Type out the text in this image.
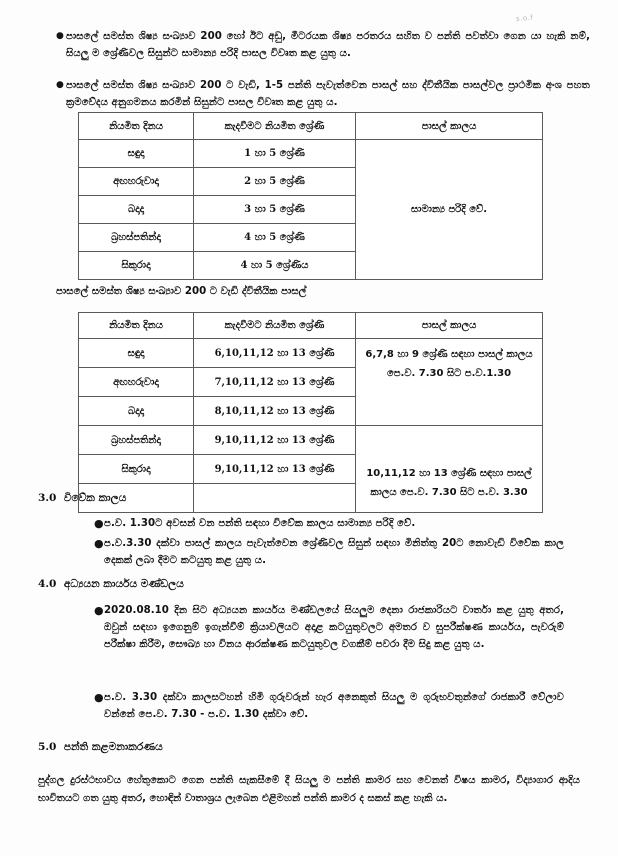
s.o.f
● පාසලේ සමස්ත ශිෂ්‍ය සංඛ්‍යාව 200 හෝ ඊට අඩු, මීටරයක ශිෂ්‍ය පරතරය සහිත ව පන්ති පවත්වා ගෙන යා හැකි නම්, සියලු ම ශ්‍රේණිවල සිසුන්ට සාමාන්‍ය පරිදි පාසල විවෘත කළ යුතු ය.
● පාසලේ සමස්ත ශිෂ්‍ය සංඛ්‍යාව 200 ට වැඩි, 1-5 පන්ති පැවැත්වෙන පාසල් සහ ද්විතීයික පාසල්වල ප්‍රාථමික අංශ පහත ක්‍රමවේදය අනුගමනය කරමින් සිසුන්ට පාසල විවෘත කළ යුතු ය.
නියමිත දිනය	කැදවීමට නියමිත ශ්‍රේණි	පාසල් කාලය
සඳුදා	1 හා 5 ශ්‍රේණි	සාමාන්‍ය පරිදි වේ.
අඟහරුවාදා	2 හා 5 ශ්‍රේණි	
බදාදා	3 හා 5 ශ්‍රේණි	
බ්‍රහස්පතින්දා	4 හා 5 ශ්‍රේණි	
සිකුරාදා	4 හා 5 ශ්‍රේණිය	
පාසලේ සමස්ත ශිෂ්‍ය සංඛ්‍යාව 200 ට වැඩි ද්විතීයික පාසල්
නියමිත දිනය	කැදවීමට නියමිත ශ්‍රේණි	පාසල් කාලය
සඳුදා	6,10,11,12 හා 13 ශ්‍රේණි	6,7,8 හා 9 ශ්‍රේණි සඳහා පාසල් කාලය
පෙ.ව. 7.30 සිට ප.ව.1.30

අඟහරුවාදා	7,10,11,12 හා 13 ශ්‍රේණි	
බදාදා	8,10,11,12 හා 13 ශ්‍රේණි	
බ්‍රහස්පතින්දා	9,10,11,12 හා 13 ශ්‍රේණි	10,11,12 හා 13 ශ්‍රේණි සඳහා පාසල්
කාලය පෙ.ව. 7.30 සිට ප.ව. 3.30

සිකුරාදා	9,10,11,12 හා 13 ශ්‍රේණි	

3.0 විවේක කාලය
● ප.ව. 1.30ට අවසන් වන පන්ති සඳහා විවේක කාලය සාමාන්‍ය පරිදි වේ.
● ප.ව.3.30 දක්වා පාසල් කාලය පැවැත්වෙන ශ්‍රේණිවල සිසුන් සඳහා මිනිත්තු 20ට නොවැඩි විවේක කාල දෙකක් ලබා දීමට කටයුතු කළ යුතු ය.
4.0 අධ්‍යයන කාර්යය මණ්ඩලය
● 2020.08.10 දින සිට අධ්‍යයන කාර්යය මණ්ඩලයේ සියලුම දෙනා රාජකාරියට වාර්තා කළ යුතු අතර, ඔවුන් සඳහා ඉගෙනුම් ඉගැන්වීම් ක්‍රියාවලියට අදාළ කටයුතුවලට අමතර ව සුපරීක්ෂණ කාර්යය, පැවරුම් පරීක්ෂා කිරීම, සෞඛ්‍ය හා විනය ආරක්ෂණ කටයුතුවල වගකීම් පවරා දීම සිදු කළ යුතු ය.
● ප.ව. 3.30 දක්වා කාලසටහන් හිමි ගුරුවරුන් හැර අනෙකුත් සියලු ම ගුරුභවතුන්ගේ රාජකාරී වේලාව වන්නේ පෙ.ව. 7.30 - ප.ව. 1.30 දක්වා වේ.
5.0 පන්ති කළමනාකරණය
පුද්ගල දුරස්ථභාවය හේතුකොට ගෙන පන්ති සැකසීමේ දී සියලු ම පන්ති කාමර සහ වෙනත් විෂය කාමර, විද්‍යාගාර ආදිය භාවිතයට ගත යුතු අතර, හොඳින් වාතාශ්‍රය ලැබෙන එළිමහන් පන්ති කාමර ද සකස් කළ හැකි ය.
